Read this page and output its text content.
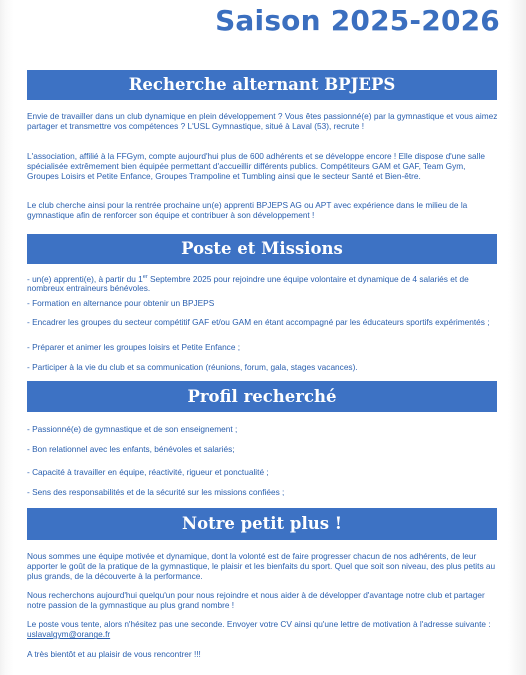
Saison 2025-2026
Recherche alternant BPJEPS

Envie de travailler dans un club dynamique en plein développement ? Vous êtes passionné(e) par la gymnastique et vous aimez partager et transmettre vos compétences ? L'USL Gymnastique, situé à Laval (53), recrute !

L'association, affilié à la FFGym, compte aujourd'hui plus de 600 adhérents et se développe encore ! Elle dispose d'une salle spécialisée extrêmement bien équipée permettant d'accueillir différents publics. Compétiteurs GAM et GAF, Team Gym, Groupes Loisirs et Petite Enfance, Groupes Trampoline et Tumbling ainsi que le secteur Santé et Bien-être.

Le club cherche ainsi pour la rentrée prochaine un(e) apprenti BPJEPS AG ou APT avec expérience dans le milieu de la gymnastique afin de renforcer son équipe et contribuer à son développement !

Poste et Missions

- un(e) apprenti(e), à partir du 1er Septembre 2025 pour rejoindre une équipe volontaire et dynamique de 4 salariés et de nombreux entraineurs bénévoles.

- Formation en alternance pour obtenir un BPJEPS

- Encadrer les groupes du secteur compétitif GAF et/ou GAM en étant accompagné par les éducateurs sportifs expérimentés ;

- Préparer et animer les groupes loisirs et Petite Enfance ;

- Participer à la vie du club et sa communication (réunions, forum, gala, stages vacances).

Profil recherché

- Passionné(e) de gymnastique et de son enseignement ;

- Bon relationnel avec les enfants, bénévoles et salariés;

- Capacité à travailler en équipe, réactivité, rigueur et ponctualité ;

- Sens des responsabilités et de la sécurité sur les missions confiées ;

Notre petit plus !

Nous sommes une équipe motivée et dynamique, dont la volonté est de faire progresser chacun de nos adhérents, de leur apporter le goût de la pratique de la gymnastique, le plaisir et les bienfaits du sport. Quel que soit son niveau, des plus petits au plus grands, de la découverte à la performance.

Nous recherchons aujourd'hui quelqu'un pour nous rejoindre et nous aider à de développer d'avantage notre club et partager notre passion de la gymnastique au plus grand nombre !

Le poste vous tente, alors n'hésitez pas une seconde. Envoyer votre CV ainsi qu'une lettre de motivation à l'adresse suivante : uslavalgym@orange.fr

A très bientôt et au plaisir de vous rencontrer !!!
